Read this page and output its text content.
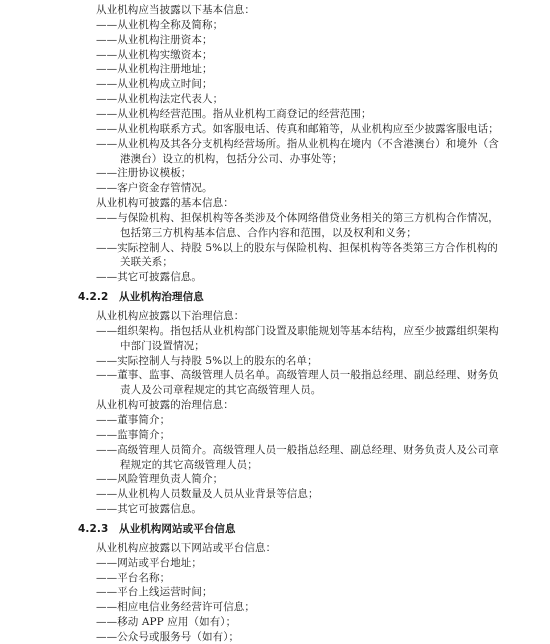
从业机构应当披露以下基本信息：
——从业机构全称及简称；
——从业机构注册资本；
——从业机构实缴资本；
——从业机构注册地址；
——从业机构成立时间；
——从业机构法定代表人；
——从业机构经营范围。指从业机构工商登记的经营范围；
——从业机构联系方式。如客服电话、传真和邮箱等，从业机构应至少披露客服电话；
——从业机构及其各分支机构经营场所。指从业机构在境内（不含港澳台）和境外（含
港澳台）设立的机构，包括分公司、办事处等；
——注册协议模板；
——客户资金存管情况。
从业机构可披露的基本信息：
——与保险机构、担保机构等各类涉及个体网络借贷业务相关的第三方机构合作情况，
包括第三方机构基本信息、合作内容和范围，以及权利和义务；
——实际控制人、持股 5%以上的股东与保险机构、担保机构等各类第三方合作机构的
关联关系；
——其它可披露信息。
4.2.2　从业机构治理信息
从业机构应披露以下治理信息：
——组织架构。指包括从业机构部门设置及职能规划等基本结构，应至少披露组织架构
中部门设置情况；
——实际控制人与持股 5%以上的股东的名单；
——董事、监事、高级管理人员名单。高级管理人员一般指总经理、副总经理、财务负
责人及公司章程规定的其它高级管理人员。
从业机构可披露的治理信息：
——董事简介；
——监事简介；
——高级管理人员简介。高级管理人员一般指总经理、副总经理、财务负责人及公司章
程规定的其它高级管理人员；
——风险管理负责人简介；
——从业机构人员数量及人员从业背景等信息；
——其它可披露信息。
4.2.3　从业机构网站或平台信息
从业机构应披露以下网站或平台信息：
——网站或平台地址；
——平台名称；
——平台上线运营时间；
——相应电信业务经营许可信息；
——移动 APP 应用（如有）；
——公众号或服务号（如有）；
